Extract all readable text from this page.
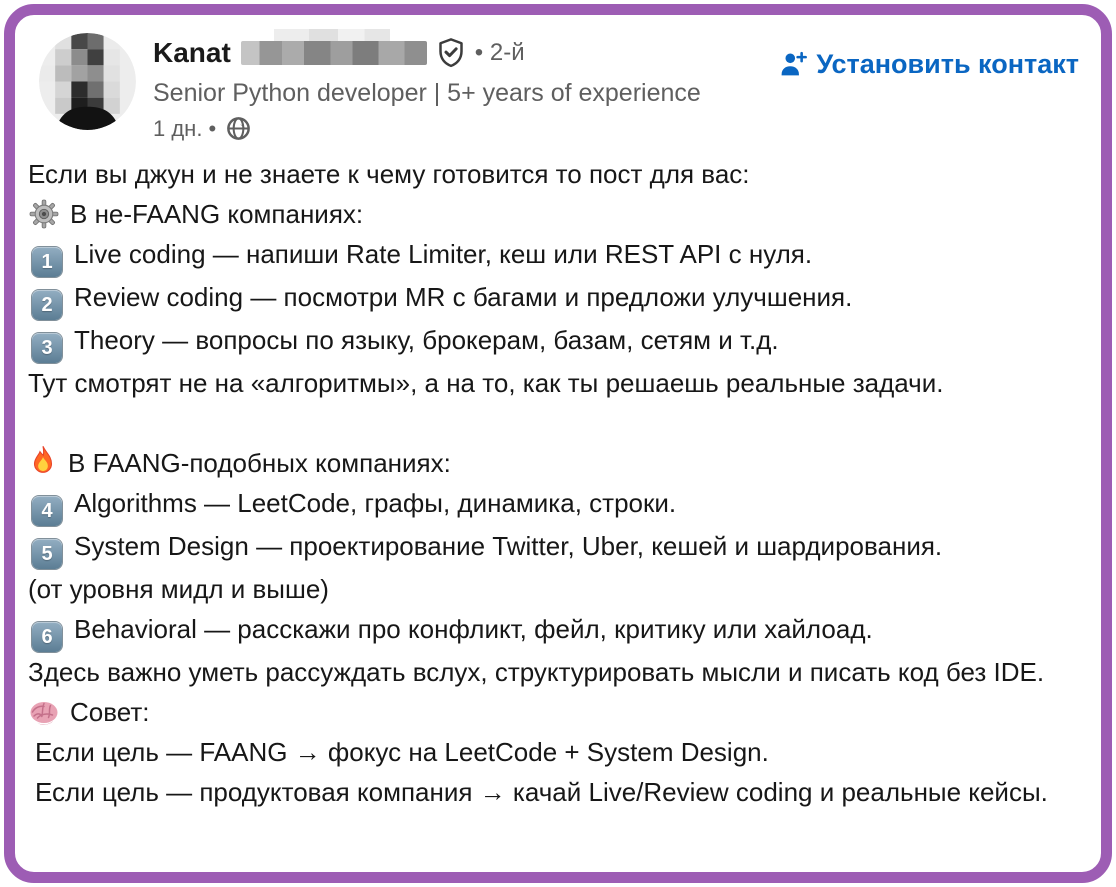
Kanat	• 2-й
Senior Python developer | 5+ years of experience
1 дн. •
Установить контакт
Если вы джун и не знаете к чему готовится то пост для вас:
В не-FAANG компаниях:
1 Live coding — напиши Rate Limiter, кеш или REST API с нуля.
2 Review coding — посмотри MR с багами и предложи улучшения.
3 Theory — вопросы по языку, брокерам, базам, сетям и т.д.
Тут смотрят не на «алгоритмы», а на то, как ты решаешь реальные задачи.
В FAANG-подобных компаниях:
4 Algorithms — LeetCode, графы, динамика, строки.
5 System Design — проектирование Twitter, Uber, кешей и шардирования.
(от уровня мидл и выше)
6 Behavioral — расскажи про конфликт, фейл, критику или хайлоад.
Здесь важно уметь рассуждать вслух, структурировать мысли и писать код без IDE.
Совет:
Если цель — FAANG → фокус на LeetCode + System Design.
Если цель — продуктовая компания → качай Live/Review coding и реальные кейсы.
